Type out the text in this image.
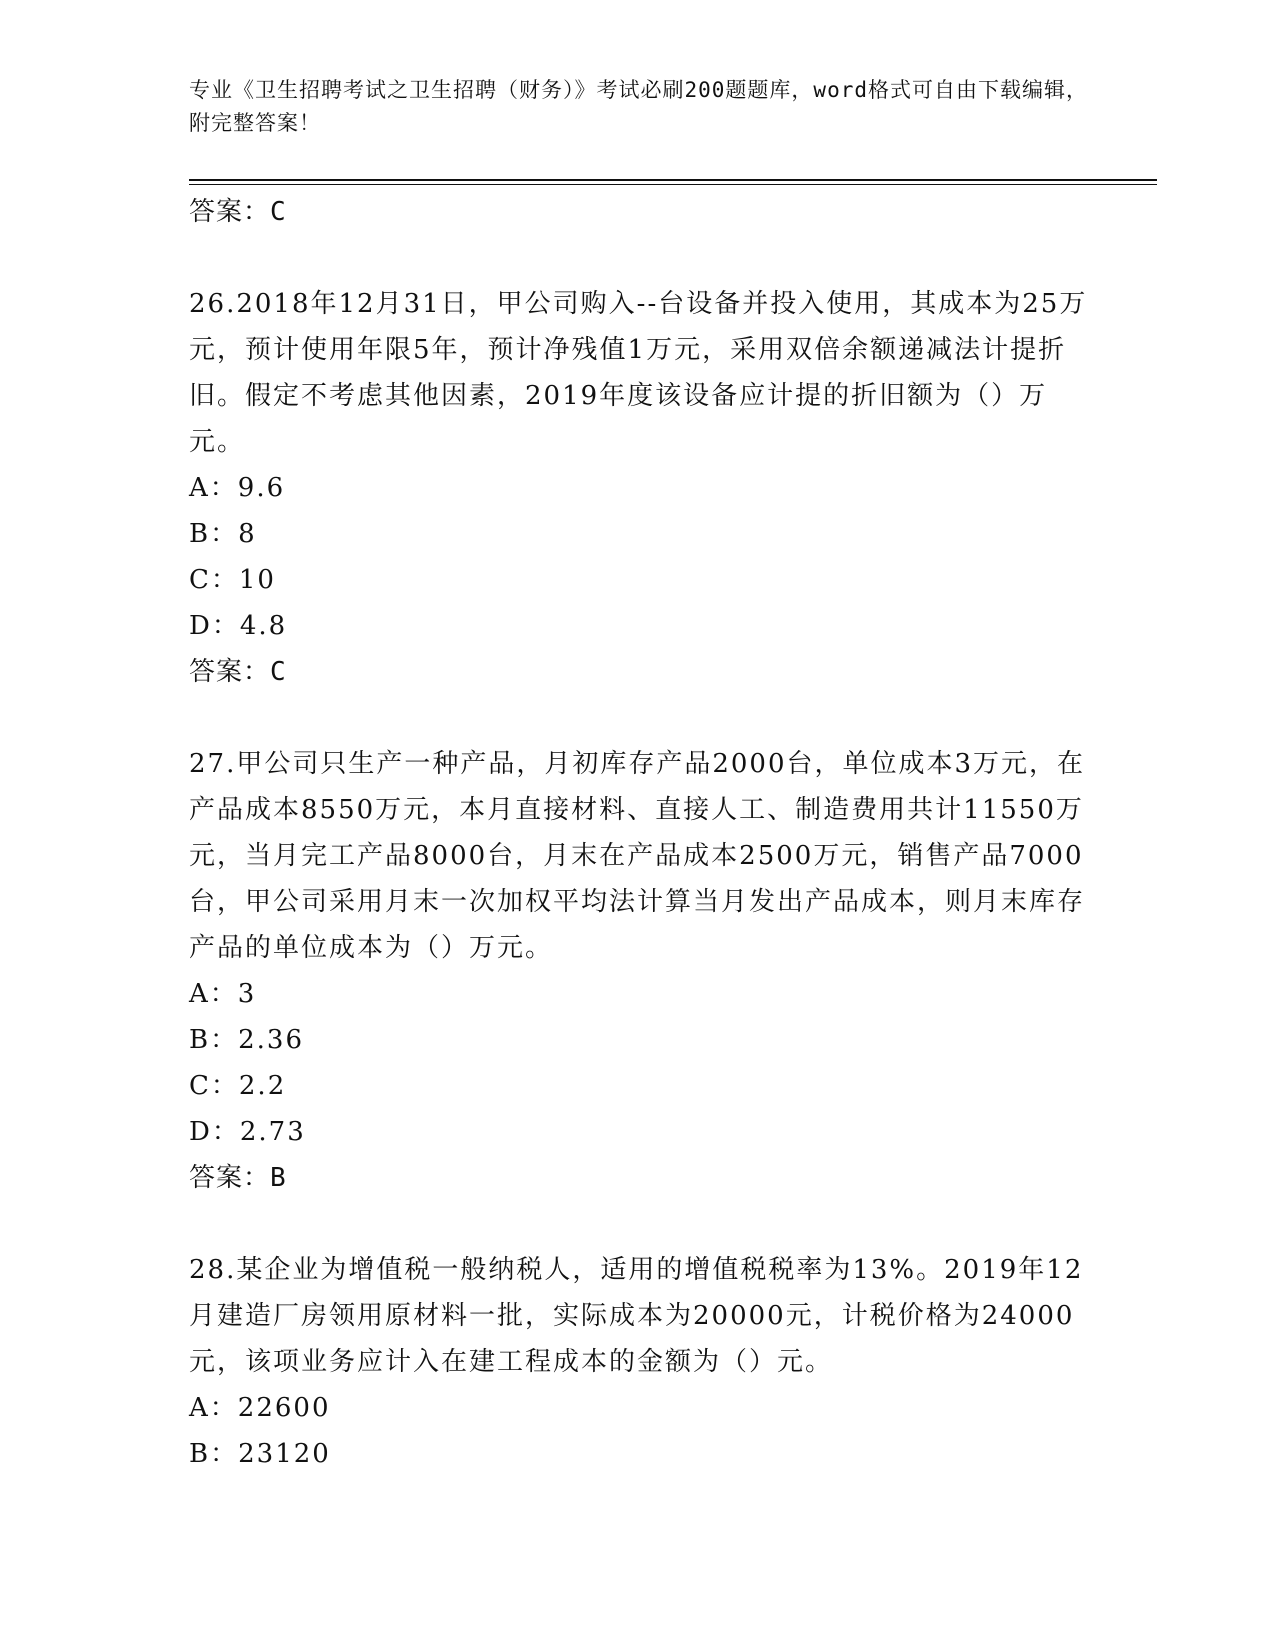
专业《卫生招聘考试之卫生招聘（财务）》考试必刷200题题库，word格式可自由下载编辑，附完整答案！
答案：C

26.2018年12月31日，甲公司购入--台设备并投入使用，其成本为25万元，预计使用年限5年，预计净残值1万元，采用双倍余额递减法计提折旧。假定不考虑其他因素，2019年度该设备应计提的折旧额为（）万元。

A：9.6

B：8

C：10

D：4.8

答案：C

27.甲公司只生产一种产品，月初库存产品2000台，单位成本3万元，在产品成本8550万元，本月直接材料、直接人工、制造费用共计11550万元，当月完工产品8000台，月末在产品成本2500万元，销售产品7000台，甲公司采用月末一次加权平均法计算当月发出产品成本，则月末库存产品的单位成本为（）万元。

A：3

B：2.36

C：2.2

D：2.73

答案：B

28.某企业为增值税一般纳税人，适用的增值税税率为13%。2019年12月建造厂房领用原材料一批，实际成本为20000元，计税价格为24000元，该项业务应计入在建工程成本的金额为（）元。

A：22600

B：23120
